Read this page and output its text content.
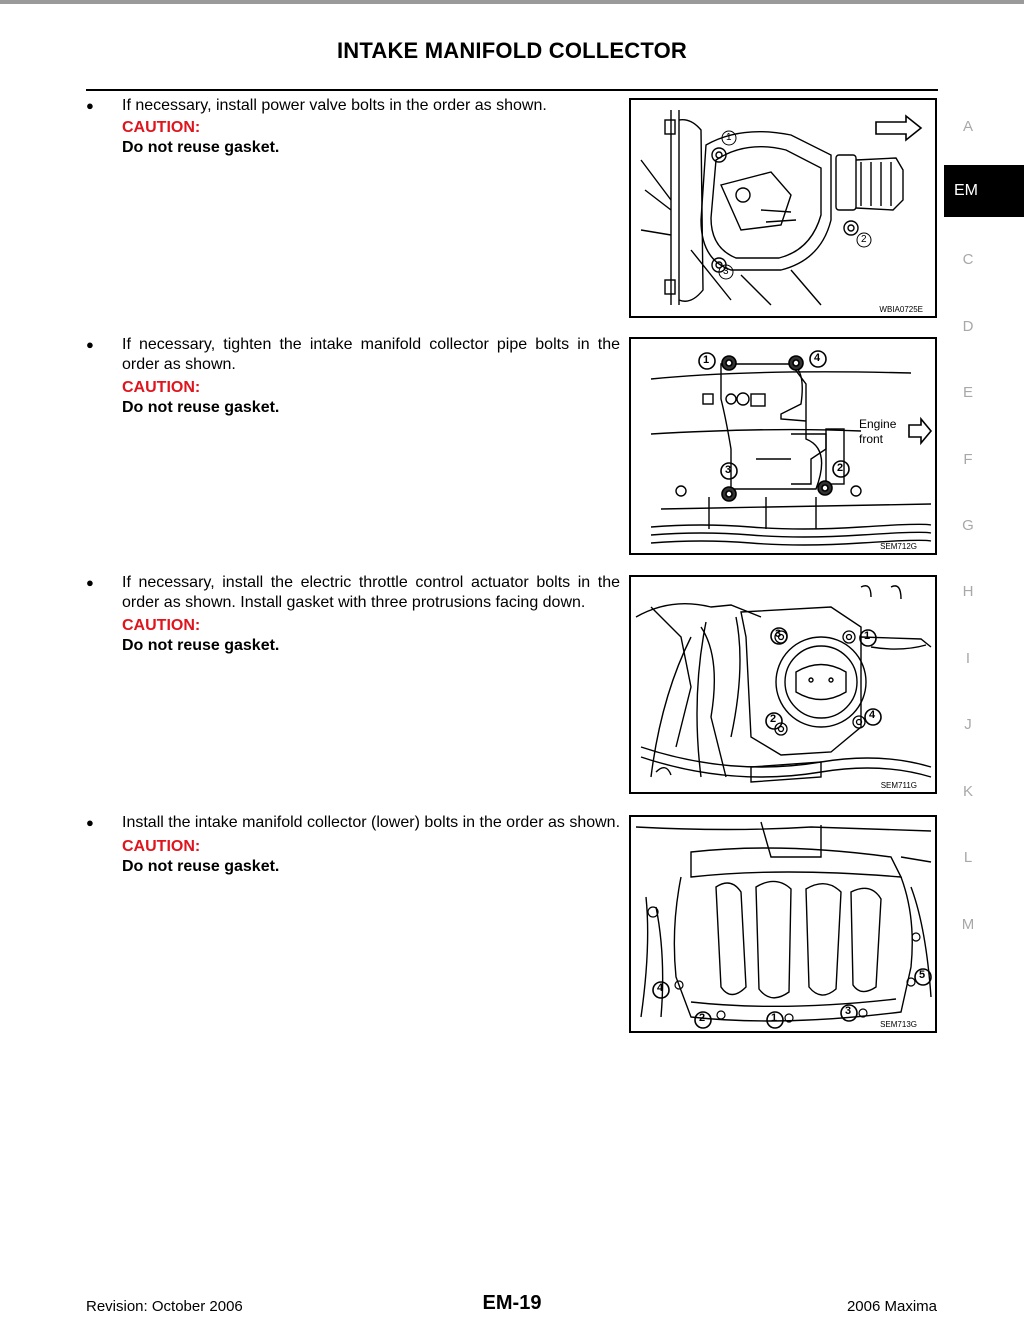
INTAKE MANIFOLD COLLECTOR
● If necessary, install power valve bolts in the order as shown.
CAUTION:
Do not reuse gasket.
1
2
3
WBIA0725E
● If necessary, tighten the intake manifold collector pipe bolts in the order as shown.
CAUTION:
Do not reuse gasket.
1
2
3
4
Engine
front
SEM712G
● If necessary, install the electric throttle control actuator bolts in the order as shown. Install gasket with three protrusions facing down.
CAUTION:
Do not reuse gasket.
1
2
3
4
SEM711G
● Install the intake manifold collector (lower) bolts in the order as shown.
CAUTION:
Do not reuse gasket.
1
2
3
4
5
SEM713G
A
EM
C
D
E
F
G
H
I
J
K
L
M
Revision: October 2006	EM-19	2006 Maxima
